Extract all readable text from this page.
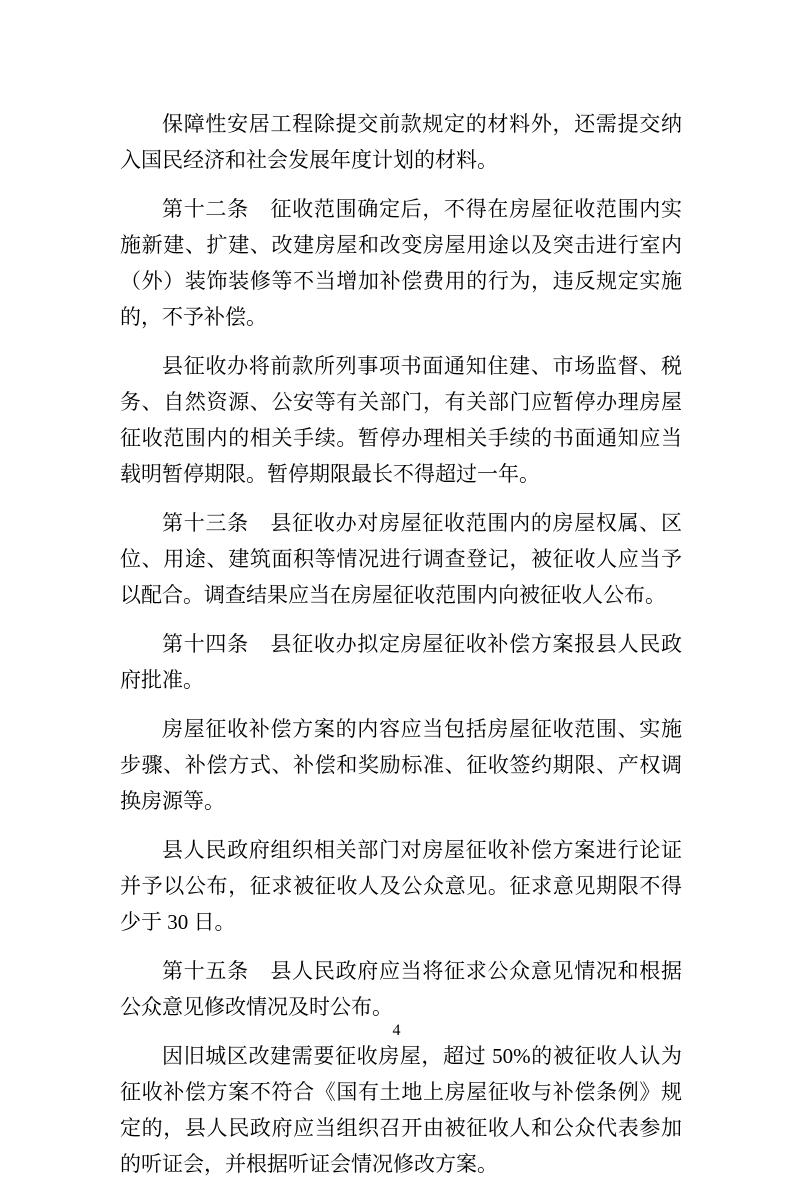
保障性安居工程除提交前款规定的材料外，还需提交纳入国民经济和社会发展年度计划的材料。

第十二条　征收范围确定后，不得在房屋征收范围内实施新建、扩建、改建房屋和改变房屋用途以及突击进行室内（外）装饰装修等不当增加补偿费用的行为，违反规定实施的，不予补偿。

县征收办将前款所列事项书面通知住建、市场监督、税务、自然资源、公安等有关部门，有关部门应暂停办理房屋征收范围内的相关手续。暂停办理相关手续的书面通知应当载明暂停期限。暂停期限最长不得超过一年。

第十三条　县征收办对房屋征收范围内的房屋权属、区位、用途、建筑面积等情况进行调查登记，被征收人应当予以配合。调查结果应当在房屋征收范围内向被征收人公布。

第十四条　县征收办拟定房屋征收补偿方案报县人民政府批准。

房屋征收补偿方案的内容应当包括房屋征收范围、实施步骤、补偿方式、补偿和奖励标准、征收签约期限、产权调换房源等。

县人民政府组织相关部门对房屋征收补偿方案进行论证并予以公布，征求被征收人及公众意见。征求意见期限不得少于 30 日。

第十五条　县人民政府应当将征求公众意见情况和根据公众意见修改情况及时公布。

因旧城区改建需要征收房屋，超过 50%的被征收人认为征收补偿方案不符合《国有土地上房屋征收与补偿条例》规定的，县人民政府应当组织召开由被征收人和公众代表参加的听证会，并根据听证会情况修改方案。

4
